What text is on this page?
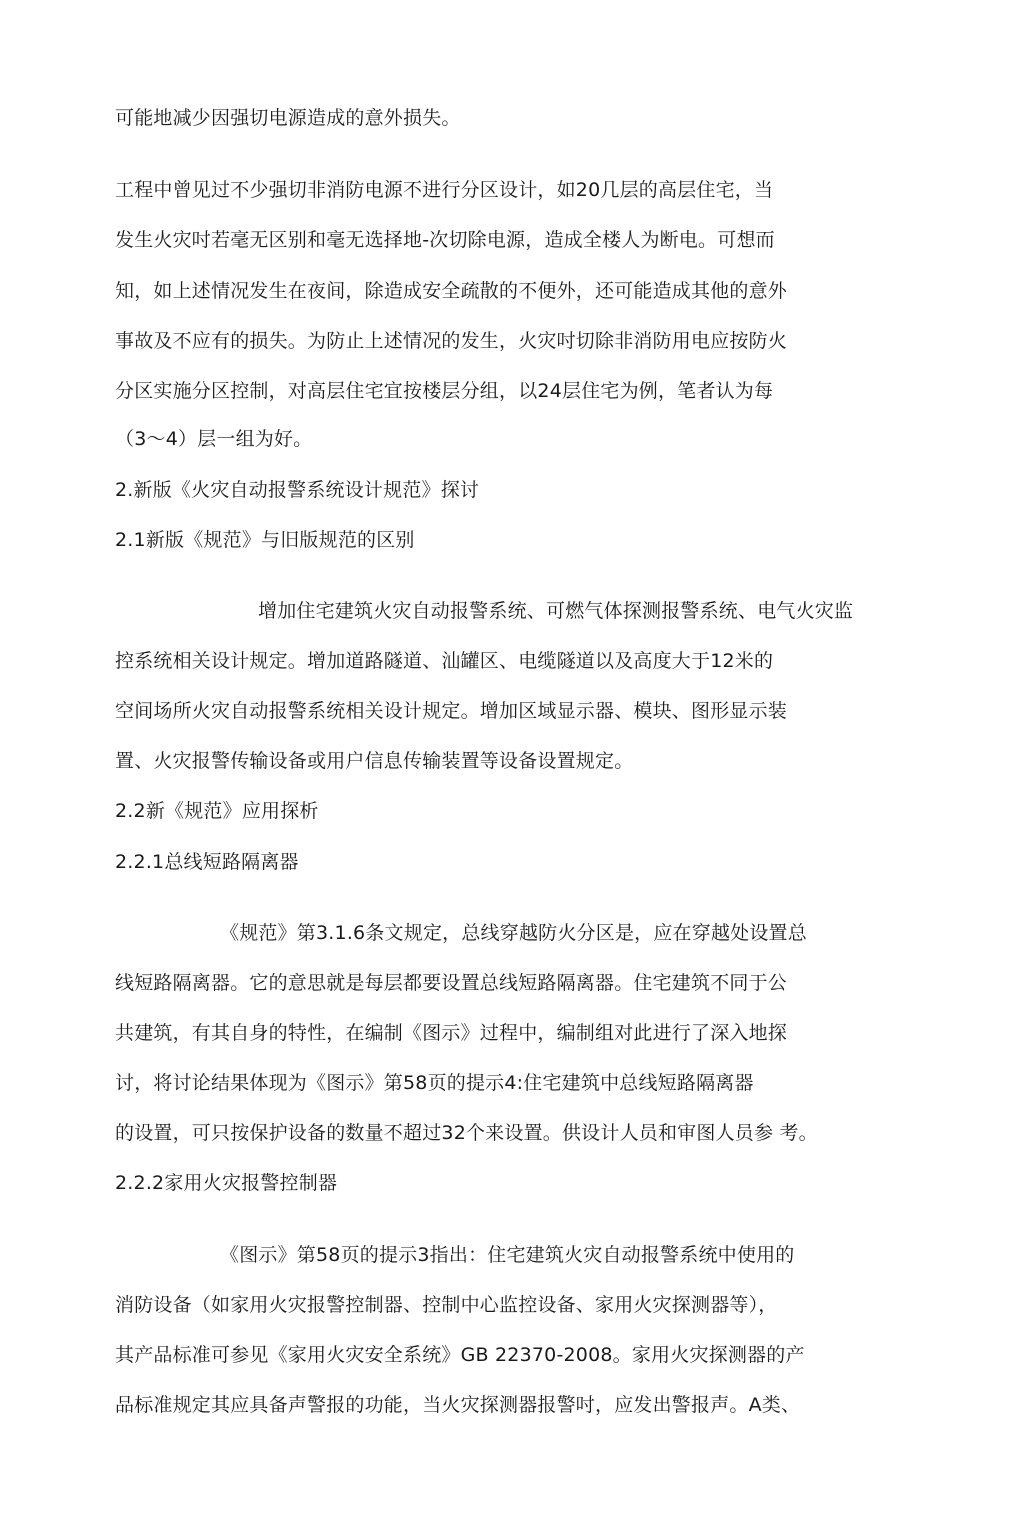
可能地减少因强切电源造成的意外损失。
工程中曾见过不少强切非消防电源不进行分区设计，如20几层的高层住宅，当
发生火灾吋若毫无区别和毫无选择地-次切除电源，造成全楼人为断电。可想而
知，如上述情况发生在夜间，除造成安全疏散的不便外，还可能造成其他的意外
事故及不应有的损失。为防止上述情况的发生，火灾吋切除非消防用电应按防火
分区实施分区控制，对高层住宅宜按楼层分组，以24层住宅为例，笔者认为每
（3～4）层一组为好。
2.新版《火灾自动报警系统设计规范》探讨
2.1新版《规范》与旧版规范的区别
增加住宅建筑火灾自动报警系统、可燃气体探测报警系统、电气火灾监
控系统相关设计规定。增加道路隧道、汕罐区、电缆隧道以及高度大于12米的
空间场所火灾自动报警系统相关设计规定。增加区域显示器、模块、图形显示装
置、火灾报警传输设备或用户信息传输装置等设备设置规定。
2.2新《规范》应用探析
2.2.1总线短路隔离器
《规范》第3.1.6条文规定，总线穿越防火分区是，应在穿越处设置总
线短路隔离器。它的意思就是每层都要设置总线短路隔离器。住宅建筑不同于公
共建筑，有其自身的特性，在编制《图示》过程中，编制组对此进行了深入地探
讨，将讨论结果体现为《图示》第58页的提示4:住宅建筑中总线短路隔离器
的设置，可只按保护设备的数量不超过32个来设置。供设计人员和审图人员参 考。
2.2.2家用火灾报警控制器
《图示》第58页的提示3指出：住宅建筑火灾自动报警系统中使用的
消防设备（如家用火灾报警控制器、控制中心监控设备、家用火灾探测器等），
其产品标准可参见《家用火灾安全系统》GB 22370-2008。家用火灾探测器的产
品标准规定其应具备声警报的功能，当火灾探测器报警吋，应发出警报声。A类、
